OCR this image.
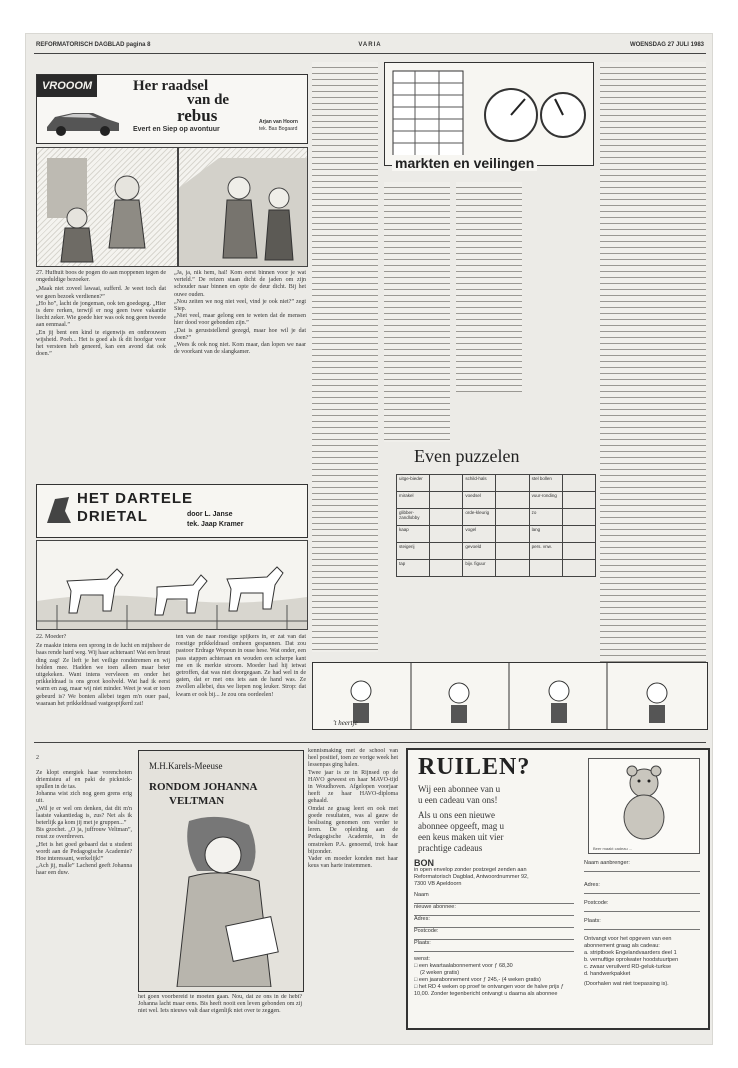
REFORMATORISCH DAGBLAD pagina 8	VARIA	WOENSDAG 27 JULI 1983
VROOOM	Her raadsel
van de
rebus
Evert en Siep op avontuur
Arjan van Hoorn
tek. Bas Bogaard
27. Hufhuit boos de pogen do aan moppenen tegen de ongeduldige bezoeker.
„Maak niet zoveel lawaai, sufferd. Je weet toch dat we geen bezoek verdienen?”
„Ho ho”, lacht de jongeman, ook ten goedegeg. „Hier is dere rerken, terwijl er nog geen twee vakantie liecht zeker. Wie goede hier was ook nog geen tweede aan eenmaal.”
„En jij bent een kind te eigenwijs en ontbrouwen wijsheid. Poeh... Het is goed als ik dit hoofgar voor het versteen heb geneerd, kan een avond dat ook doen.”
„Ja, ja, nik hem, hal! Kom eerst binnen voor je wat verteld.” De reizen staan dicht de jaden om zijn schouder naar binnen en opte de deur dicht. Bij het ouwe ouden.
„Nou zeiten we nog niet veel, vind je ook niet?” zegt Siep.
„Niet veel, maar gelong een te weten dat de mensen hier dood voor gebonden zijn.”
„Dat is geruststellend gezegd, maar hoe wil je dat doen?”
„Wees ik ook nog niet. Kom maar, dan lopen we naar de voorkant van de slangkamer.
markten en veilingen
HET DARTELE
DRIETAL	door L. Janse
tek. Jaap Kramer
22. Moeder?
Ze maakte intens een sprong in de lucht en mijnheer de baas rende hard weg. Wij haar achteraan! Wat een bruut ding zag! Ze lieft je het veilige rondstremen en wij holden mee. Hadden we toen alleen maar beter uitgekeken. Want intens vervleeen en onder het prikkeldraad is ons groot koolveld. Wat had ik eerst warm en zag, maar wij niet minder. Weet je wat er toen gebeurd is? We bonten allebei tegen m'n ouer paal, waaraan het prikkeldraad vastgespijkerd zat!
ten van de naar roestige spijkers in, er zat van dat roestige prikkeldraad omheen gespannen. Dat zou pastoor Erdrage Wopoun in ouse hese. Wat onder, een pass stappen achteraan en wouden een scherpe kant me en ik merkte stroom. Moeder had hij ietwat getroffen, dat was niet doorgegaan. Ze had wel in de gaten, dat er met ons iets aan de hand was. Ze zwollen allebei, dus we liepen nog leuker. Strop: dat kwam er ook bij... Je zou ons oordeelen!
Even puzzelen
uitge-bieder		schild-hals		stel bollen	
mirakel		voedsel		vuur-ronding	
glibber-zandlobby		orde-kleurig		zo	
kaap		vogel		lang	
steigerij		gevoeld		pers. vnw.	
tap		bijv. figuur			
't heertje

2

Ze klopt energiek haar vorenchoten driemisteu af en paki de picknick-spullen in de tas.
Johanna wist zich nog geen grens erig uit.
„Wil je er wel om denken, dat dit m'n laatste vakantiedag is, zus? Net als ik beterlijk ga kom jij met je gruppen...”
Bis gzochet. „O ja, juffrouw Veltman”, reust ze overdreven.
„Het is het goed gebaard dat u student wordt aan de Pedagogische Academie? Hoe interessant, werkelijk!”
„Ach jij, malle” Lachend geeft Johanna haar een duw.

M.H.Karels-Meeuse
RONDOM JOHANNA
VELTMAN
het goen voorbereid te moeten gaan. Nou, dat ze ons in de hebt? Johanna lacht maar eens. Bis heeft nooit een leven gebonden om zij niet wel. Iets nieuws valt daar eigenlijk niet over te zeggen.
kennismaking met de school van heel positief, toen ze vorige week het lessenpas ging halen.
Twee jaar is ze in Rijnsed op de HAVO geweest en haar MAVO-tijd in Woudhoven. Afgelopen voorjaar heeft ze haar HAVO-diploma gehaald.
Omdat ze graag leert en ook met goede resultaten, was al gauw de beslissing genomen om verder te leren. De opleiding aan de Pedagogische Academie, in de omstreken P.A. genoemd, trok haar bijzonder.
Vader en moeder konden met haar keus van harte instemmen.
RUILEN?
Wij een abonnee van u
u een cadeau van ons!
Als u ons een nieuwe
abonnee opgeeft, mag u
een keus maken uit vier
prachtige cadeaus	Beer maakt cadeau ...
BON
in open envelop zonder postzegel zenden aan
Reformatorisch Dagblad, Antwoordnummer 92,
7300 VB Apeldoorn
Naam
nieuwe abonnee:
Adres:
Postcode:
Plaats:
wenst:
□ een kwartaalabonnement voor ƒ 68,30
(2 weken gratis)
□ een jaarabonnement voor ƒ 245,- (4 weken gratis)
□ het RD 4 weken op proef te ontvangen voor de halve prijs ƒ 10,00. Zonder tegenbericht ontvangt u daarna als abonnee
Naam aanbrenger:
Adres:
Postcode:
Plaats:
Ontvangt voor het opgeven van een abonnement graag als cadeau:
a. striptboek Engelandvaarders deel 1
b. vernuftige oprolwater hoodstuurtpen
c. zwaar veruilverd RD-geluk-turkse
d. handwerkpakket
(Doorhalen wat niet toepassing is).
